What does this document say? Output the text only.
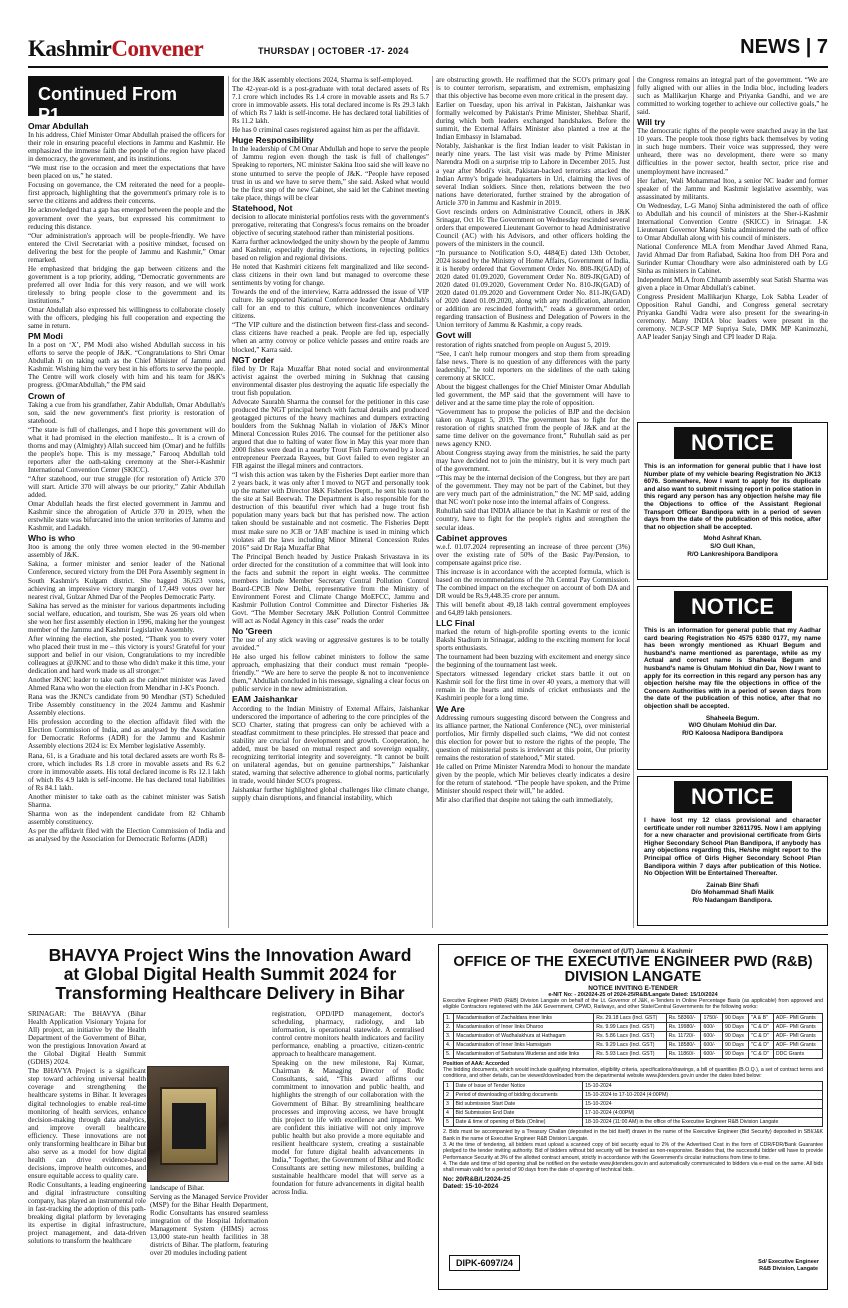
KashmirConvener	THURSDAY | OCTOBER -17- 2024	NEWS | 7
Continued From P1...
Omar Abdullah

In his address, Chief Minister Omar Abdullah praised the officers for their role in ensuring peaceful elections in Jammu and Kashmir. He emphasized the immense faith the people of the region have placed in democracy, the government, and its institutions.

“We must rise to the occasion and meet the expectations that have been placed on us,” he stated.

Focusing on governance, the CM reiterated the need for a people-first approach, highlighting that the government's primary role is to serve the citizens and address their concerns.

He acknowledged that a gap has emerged between the people and the government over the years, but expressed his commitment to reducing this distance.

“Our administration's approach will be people-friendly. We have entered the Civil Secretariat with a positive mindset, focused on delivering the best for the people of Jammu and Kashmir,” Omar remarked.

He emphasized that bridging the gap between citizens and the government is a top priority, adding, “Democratic governments are preferred all over India for this very reason, and we will work tirelessly to bring people close to the government and its institutions.”

Omar Abdullah also expressed his willingness to collaborate closely with the officers, pledging his full cooperation and expecting the same in return.

PM Modi

In a post on ‘X’, PM Modi also wished Abdullah success in his efforts to serve the people of J&K. “Congratulations to Shri Omar Abdullah Ji on taking oath as the Chief Minister of Jammu and Kashmir. Wishing him the very best in his efforts to serve the people. The Centre will work closely with him and his team for J&K's progress. @OmarAbdullah,” the PM said

Crown of

Taking a cue from his grandfather, Zahir Abdullah, Omar Abdullah's son, said the new government's first priority is restoration of statehood.

“The state is full of challenges, and I hope this government will do what it had promised in the election manifesto... It is a crown of thorns and may (Almighty) Allah succeed him (Omar) and he fulfills the people's hope. This is my message,” Farooq Abdullah told reporters after the oath-taking ceremony at the Sher-i-Kashmir International Convention Center (SKICC).

“After statehood, our true struggle (for restoration of) Article 370 will start. Article 370 will always be our priority,” Zahir Abdullah added.

Omar Abdullah heads the first elected government in Jammu and Kashmir since the abrogation of Article 370 in 2019, when the erstwhile state was bifurcated into the union territories of Jammu and Kashmir, and Ladakh.

Who is who

Itoo is among the only three women elected in the 90-member assembly of J&K.

Sakina, a former minister and senior leader of the National Conference, secured victory from the DH Pora Assembly segment in South Kashmir's Kulgam district. She bagged 36,623 votes, achieving an impressive victory margin of 17,449 votes over her nearest rival, Gulzar Ahmed Dar of the Peoples Democratic Party.

Sakina has served as the minister for various departments including social welfare, education, and tourism, She was 26 years old when she won her first assembly election in 1996, making her the youngest member of the Jammu and Kashmir Legislative Assembly.

After winning the election, she posted, “Thank you to every voter who placed their trust in me – this victory is yours! Grateful for your support and belief in our vision, Congratulations to my incredible colleagues at @JKNC and to those who didn't make it this time, your dedication and hard work made us all stronger.”

Another JKNC leader to take oath as the cabinet minister was Javed Ahmed Rana who won the election from Mendhar in J-K's Poonch.

Rana was the JKNC's candidate from 90 Mendhar (ST) Scheduled Tribe Assembly constituency in the 2024 Jammu and Kashmir Assembly elections.

His profession according to the election affidavit filed with the Election Commission of India, and as analysed by the Association for Democratic Reforms (ADR) for the Jammu and Kashmir Assembly elections 2024 is: Ex Member legislative Assembly.

Rana, 61, is a Graduate and his total declared assets are worth Rs 8-crore, which includes Rs 1.8 crore in movable assets and Rs 6.2 crore in immovable assets. His total declared income is Rs 12.1 lakh of which Rs 4.9 lakh is self-income. He has declared total liabilities of Rs 84.1 lakh.

Another minister to take oath as the cabinet minister was Satish Sharma.

Sharma won as the independent candidate from 82 Chhamb assembly constituency.

As per the affidavit filed with the Election Commission of India and as analysed by the Association for Democratic Reforms (ADR)

for the J&K assembly elections 2024, Sharma is self-employed.

The 42-year-old is a post-graduate with total declared assets of Rs 7.1 crore which includes Rs 1.4 crore in movable assets and Rs 5.7 crore in immovable assets. His total declared income is Rs 29.3 lakh of which Rs 7 lakh is self-income. He has declared total liabilities of Rs 11.2 lakh.

He has 0 criminal cases registered against him as per the affidavit.

Huge Responsibility

In the leadership of CM Omar Abdullah and hope to serve the people of Jammu region even though the task is full of challenges” Speaking to reporters, NC minister Sakina Itoo said she will leave no stone unturned to serve the people of J&K. “People have reposed trust in us and we have to serve them,” she said. Asked what would be the first step of the new Cabinet, she said let the Cabinet meeting take place, things will be clear

Statehood, Not

decision to allocate ministerial portfolios rests with the government's prerogative, reiterating that Congress's focus remains on the broader objective of securing statehood rather than ministerial positions.

Karra further acknowledged the unity shown by the people of Jammu and Kashmir, especially during the elections, in rejecting politics based on religion and regional divisions.

He noted that Kashmiri citizens felt marginalized and like second-class citizens in their own land but managed to overcome these sentiments by voting for change.

Towards the end of the interview, Karra addressed the issue of VIP culture. He supported National Conference leader Omar Abdullah's call for an end to this culture, which inconveniences ordinary citizens.

“The VIP culture and the distinction between first-class and second-class citizens have reached a peak. People are fed up, especially when an army convoy or police vehicle passes and entire roads are blocked,” Karra said.

NGT order

filed by Dr Raja Muzaffar Bhat noted social and environmental activist against the overbed mining in Sukhnag that causing environmental disaster plus destroying the aquatic life especially the trout fish population.

Advocate Saurabh Sharma the counsel for the petitioner in this case produced the NGT principal bench with factual details and produced geotagged pictures of the heavy machines and dumpers extracting boulders from the Sukhnag Nallah in violation of J&K's Minor Mineral Concession Rules 2016. The counsel for the petitioner also argued that due to halting of water flow in May this year more than 2000 fishes were dead in a nearby Trout Fish Farm owned by a local entrepreneur Peerzada Rayees, but Govt failed to even register an FIR against the illegal miners and contractors.

“I wish this action was taken by the Fisheries Dept earlier more than 2 years back, it was only after I moved to NGT and personally took up the matter with Director J&K Fisheries Deptt., he sent his team to the site at Sail Beerwah. The Department is also responsible for the destruction of this beautiful river which had a huge trout fish population many years back but that has perished now. The action taken should be sustainable and not cosmetic. The Fisheries Deptt must make sure no JCB or 'JAB' machine is used in mining which violates all the laws including Minor Mineral Concession Rules 2016” said Dr Raja Muzaffar Bhat

The Principal Bench headed by Justice Prakash Srivastava in its order directed for the constitution of a committee that will look into the facts and submit the report in eight weeks. The committee members include Member Secretary Central Pollution Control Board-CPCB New Delhi, representative from the Ministry of Environment Forest and Climate Change MoEFCC, Jammu and Kashmir Pollution Control Committee and Director Fisheries J& Govt. “The Member Secretary J&K Pollution Control Committee will act as Nodal Agency in this case” reads the order

No 'Green

The use of any stick waving or aggressive gestures is to be totally avoided.”

He also urged his fellow cabinet ministers to follow the same approach, emphasizing that their conduct must remain “people-friendly.” “We are here to serve the people & not to inconvenience them,” Abdullah concluded in his message, signaling a clear focus on public service in the new administration.

EAM Jaishankar

According to the Indian Ministry of External Affairs, Jaishankar underscored the importance of adhering to the core principles of the SCO Charter, stating that progress can only be achieved with a steadfast commitment to these principles. He stressed that peace and stability are crucial for development and growth. Cooperation, he added, must be based on mutual respect and sovereign equality, recognizing territorial integrity and sovereignty. “It cannot be built on unilateral agendas, but on genuine partnerships,” Jaishankar stated, warning that selective adherence to global norms, particularly in trade, would hinder SCO's progress.

Jaishankar further highlighted global challenges like climate change, supply chain disruptions, and financial instability, which

are obstructing growth. He reaffirmed that the SCO's primary goal is to counter terrorism, separatism, and extremism, emphasizing that this objective has become even more critical in the present day.

Earlier on Tuesday, upon his arrival in Pakistan, Jaishankar was formally welcomed by Pakistan's Prime Minister, Shehbaz Sharif, during which both leaders exchanged handshakes. Before the summit, the External Affairs Minister also planted a tree at the Indian Embassy in Islamabad.

Notably, Jaishankar is the first Indian leader to visit Pakistan in nearly nine years. The last visit was made by Prime Minister Narendra Modi on a surprise trip to Lahore in December 2015. Just a year after Modi's visit, Pakistan-backed terrorists attacked the Indian Army's brigade headquarters in Uri, claiming the lives of several Indian soldiers. Since then, relations between the two nations have deteriorated, further strained by the abrogation of Article 370 in Jammu and Kashmir in 2019.

Govt rescinds orders on Administrative Council, others in J&K Srinagar, Oct 16: The Government on Wednesday rescinded several orders that empowered Lieutenant Governor to head Administrative Council (AC) with his Advisors, and other officers holding the powers of the ministers in the council.

“In pursuance to Notification S.O, 4484(E) dated 13th October, 2024 issued by the Ministry of Home Affairs, Government of India, it is hereby ordered that Government Order No. 808-JK(GAD) of 2020 dated 01.09.2020, Government Order No. 809-JK(GAD) of 2020 dated 01.09.2020, Government Order No. 810-JK(GAD) of 2020 dated 01.09.2020 and Government Order No. 811-JK(GAD) of 2020 dated 01.09.2020, along with any modification, alteration or addition are rescinded forthwith,” reads a government order, regarding transaction of Business and Delegation of Powers in the Union territory of Jammu & Kashmir, a copy reads.

Govt will

restoration of rights snatched from people on August 5, 2019.

“See, I can't help rumour mongers and stop them from spreading false news. There is no question of any differences with the party leadership,” he told reporters on the sidelines of the oath taking ceremony at SKICC.

About the biggest challenges for the Chief Minister Omar Abdullah led government, the MP said that the government will have to deliver and at the same time play the role of opposition.

“Government has to propose the policies of BJP and the decision taken on August 5, 2019. The government has to fight for the restoration of rights snatched from the people of J&K and at the same time deliver on the governance front,” Ruhullah said as per news agency KNO.

About Congress staying away from the ministries, he said the party may have decided not to join the ministry, but it is very much part of the government.

“This may be the internal decision of the Congress, but they are part of the government. They may not be part of the Cabinet, but they are very much part of the administration,” the NC MP said, adding that NC won't poke nose into the internal affairs of Congress.

Ruhullah said that INDIA alliance be that in Kashmir or rest of the country, have to fight for the people's rights and strengthen the secular ideas.

Cabinet approves

w.e.f. 01.07.2024 representing an increase of three percent (3%) over the existing rate of 50% of the Basic Pay/Pension, to compensate against price rise.

This increase is in accordance with the accepted formula, which is based on the recommendations of the 7th Central Pay Commission. The combined impact on the exchequer on account of both DA and DR would be Rs.9,448.35 crore per annum.

This will benefit about 49,18 lakh central government employees and 64,89 lakh pensioners.

LLC Final

marked the return of high-profile sporting events to the iconic Bakshi Stadium in Srinagar, adding to the exciting moment for local sports enthusiasts.

The tournament had been buzzing with excitement and energy since the beginning of the tournament last week.

Spectators witnessed legendary cricket stars battle it out on Kashmir soil for the first time in over 40 years, a memory that will remain in the hearts and minds of cricket enthusiasts and the Kashmiri people for a long time.

We Are

Addressing rumours suggesting discord between the Congress and its alliance partner, the National Conference (NC), over ministerial portfolios, Mir firmly dispelled such claims, “We did not contest this election for power but to restore the rights of the people, The question of ministerial posts is irrelevant at this point, Our priority remains the restoration of statehood,” Mir stated.

He called on Prime Minister Narendra Modi to honour the mandate given by the people, which Mir believes clearly indicates a desire for the return of statehood. “The people have spoken, and the Prime Minister should respect their will,” he added.

Mir also clarified that despite not taking the oath immediately,

the Congress remains an integral part of the government. “We are fully aligned with our allies in the India bloc, including leaders such as Mallikarjun Kharge and Priyanka Gandhi, and we are committed to working together to achieve our collective goals,” he said.

Will try

The democratic rights of the people were snatched away in the last 10 years. The people took those rights back themselves by voting in such huge numbers. Their voice was suppressed, they were unheard, there was no development, there were so many difficulties in the power sector, health sector, price rise and unemployment have increased.”

Her father, Wali Mohammad Itoo, a senior NC leader and former speaker of the Jammu and Kashmir legislative assembly, was assassinated by militants.

On Wednesday, L-G Manoj Sinha administered the oath of office to Abdullah and his council of ministers at the Sher-i-Kashmir International Convention Centre (SKICC) in Srinagar. J-K Lieutenant Governor Manoj Sinha administered the oath of office to Omar Abdullah along with his council of ministers.

National Conference MLA from Mendhar Javed Ahmed Rana, Javid Ahmad Dar from Rafiabad, Sakina Itoo from DH Pora and Surinder Kumar Choudhary were also administered oath by LG Sinha as ministers in Cabinet.

Independent MLA from Chhamb assembly seat Satish Sharma was given a place in Omar Abdullah's cabinet.

Congress President Mallikarjun Kharge, Lok Sabha Leader of Opposition Rahul Gandhi, and Congress general secretary Priyanka Gandhi Vadra were also present for the swearing-in ceremony. Many INDIA bloc leaders were present in the ceremony. NCP-SCP MP Supriya Sule, DMK MP Kanimozhi, AAP leader Sanjay Singh and CPI leader D Raja.

NOTICE
This is an information for general public that I have lost Number plate of my vehicle bearing Registration No JK13 6076. Somewhere, Now I want to apply for its duplicate and also want to submit missing report in police station in this regard any person has any objection he/she may file the Objections to office of the Assistant Regional Transport Officer Bandipora with in a period of seven days from the date of the publication of this notice, after that no objection shall be accepted.
Mohd Ashraf Khan.
S/O Gull Khan,
R/O Lankreshipora Bandipora
NOTICE
This is an information for general public that my Aadhar card bearing Registration No 4575 6380 0177, my name has been wrongly mentioned as Khuarl Begum and husband's name mentioned as parentage, while as my Actual and correct name is Shaheela Begum and husband's name is Ghulam Mohiud din Dar, Now I want to apply for its correction in this regard any person has any objection he/she may file the objections in office of the Concern Authorities with in a period of seven days from the date of the publication of this notice, after that no objection shall be accepted.
Shaheela Begum.
W/O Ghulam Mohiud din Dar.
R/O Kaloosa Nadipora Bandipora
NOTICE
I have lost my 12 class provisional and character certificate under roll number 32611795. Now I am applying for a new character and provisional certificate from Girls Higher Secondary School Plan Bandipora, if anybody has any objections regarding this, He/she might report to the Principal office of Girls Higher Secondary School Plan Bandipora within 7 days after publication of this Notice. No Objection Will be Entertained Thereafter.
Zainab Binr Shafi
D/o Mohammad Shafi Malik
R/o Nadangam Bandipora.
BHAVYA Project Wins the Innovation Award at Global Digital Health Summit 2024 for Transforming Healthcare Delivery in Bihar

SRINAGAR: The BHAVYA (Bihar Health Application Visionary Yojana for All) project, an initiative by the Health Department of the Government of Bihar, won the prestigious Innovation Award at the Global Digital Health Summit (GDHS) 2024.

The BHAVYA Project is a significant step toward achieving universal health coverage and strengthening the healthcare systems in Bihar. It leverages digital technologies to enable real-time monitoring of health services, enhance decision-making through data analytics, and improve overall healthcare efficiency. These innovations are not only transforming healthcare in Bihar but also serve as a model for how digital health can drive evidence-based decisions, improve health outcomes, and ensure equitable access to quality care.

Rodic Consultants, a leading engineering and digital infrastructure consulting company, has played an instrumental role in fast-tracking the adoption of this path-breaking digital platform by leveraging its expertise in digital infrastructure, project management, and data-driven solutions to transform the healthcare

landscape of Bihar.

Serving as the Managed Service Provider (MSP) for the Bihar Health Department, Rodic Consultants has ensured seamless integration of the Hospital Information Management System (HIMS) across 13,000 state-run health facilities in 38 districts of Bihar. The platform, featuring over 20 modules including patient

registration, OPD/IPD management, doctor's scheduling, pharmacy, radiology, and lab information, is operational statewide. A centralised control centre monitors health indicators and facility performance, enabling a proactive, citizen-centric approach to healthcare management.

Speaking on the new milestone, Raj Kumar, Chairman & Managing Director of Rodic Consultants, said, “This award affirms our commitment to innovation and public health, and highlights the strength of our collaboration with the Government of Bihar. By streamlining healthcare processes and improving access, we have brought this project to life with excellence and impact. We are confident this initiative will not only improve public health but also provide a more equitable and resilient healthcare system, creating a sustainable model for future digital health advancements in India,” Together, the Government of Bihar and Rodic Consultants are setting new milestones, building a sustainable healthcare model that will serve as a foundation for future advancements in digital health across India.

Government of (UT) Jammu & Kashmir
OFFICE OF THE EXECUTIVE ENGINEER PWD (R&B) DIVISION LANGATE
NOTICE INVITING E-TENDER
e-NIT No: - 20/2024-25 of 2024-25/R&B/Langate Dated: 15/10/2024
Executive Engineer PWD (R&B) Division Langate on behalf of the Lt. Governor of J&K, e-Tenders in Online Percentage Basis (as applicable) from approved and eligible Contractors registered with the J&K Government, CPWD, Railways, and other State/Central Governments for the following works:
1.	Macadamisation of Zachaldara inner links	Rs. 29.18 Lacs (Incl. GST)	Rs. 58360/-	1750/-	90 Days	"A & B"	ADF- PMI Grants
2.	Macadamisation of Inner links Dharoo	Rs. 9.99 Lacs (Incl. GST)	Rs. 19980/-	600/-	90 Days	"C & D"	ADF- PMI Grants
3.	Macadamisation of Wadhalakhura at Hathagam	Rs. 5.86 Lacs (Incl. GST)	Rs. 11720/-	600/-	90 Days	"C & D"	ADF- PMI Grants
4.	Macadamisation of Inner links Hamsigam	Rs. 9.29 Lacs (Incl. GST)	Rs. 18580/-	600/-	90 Days	"C & D"	ADF- PMI Grants
5.	Macadamisation of Sarbatura Wuderan and side links	Rs. 5.93 Lacs (Incl. GST)	Rs. 11860/-	600/-	90 Days	"C & D"	DDC Grants
Position of AAA: Accorded
The bidding documents, which would include qualifying information, eligibility criteria, specifications/drawings, a bill of quantities (B.O.Q.), a set of contract terms and conditions, and other details, can be viewed/downloaded from the departmental website www.jktenders.gov.in under the dates listed below:
1	Date of Issue of Tender Notice	15-10-2024
2	Period of downloading of bidding documents	15-10-2024 to 17-10-2024 (4:00PM)
3	Bid submission Start Date	15-10-2024
4	Bid Submission End Date	17-10-2024 (4:00PM)
5	Date & time of opening of Bids (Online)	18-10-2024 (11:00 AM) in the office of the Executive Engineer R&B Division Langate
2. Bids must be accompanied by a Treasury Challan (deposited in the bid itself) drawn in the name of the Executive Engineer (Bid Security) deposited in SBI/J&K Bank in the name of Executive Engineer R&B Division Langate.
3. At the time of tendering, all bidders must upload a scanned copy of bid security equal to 2% of the Advertised Cost in the form of CDR/FDR/Bank Guarantee pledged to the tender inviting authority. Bid of bidders without bid security will be treated as non-responsive. Besides that, the successful bidder will have to provide Performance Security at 3% of the allotted contract amount, strictly in accordance with the Government's circular instructions from time to time.
4. The date and time of bid opening shall be notified on the website www.jktenders.gov.in and automatically communicated to bidders via e-mail on the same. All bids shall remain valid for a period of 90 days from the date of opening of technical bids.
No: 20/R&B/L/2024-25
Dated: 15-10-2024
DIPK-6097/24	Sd/ Executive Engineer
R&B Division, Langate
